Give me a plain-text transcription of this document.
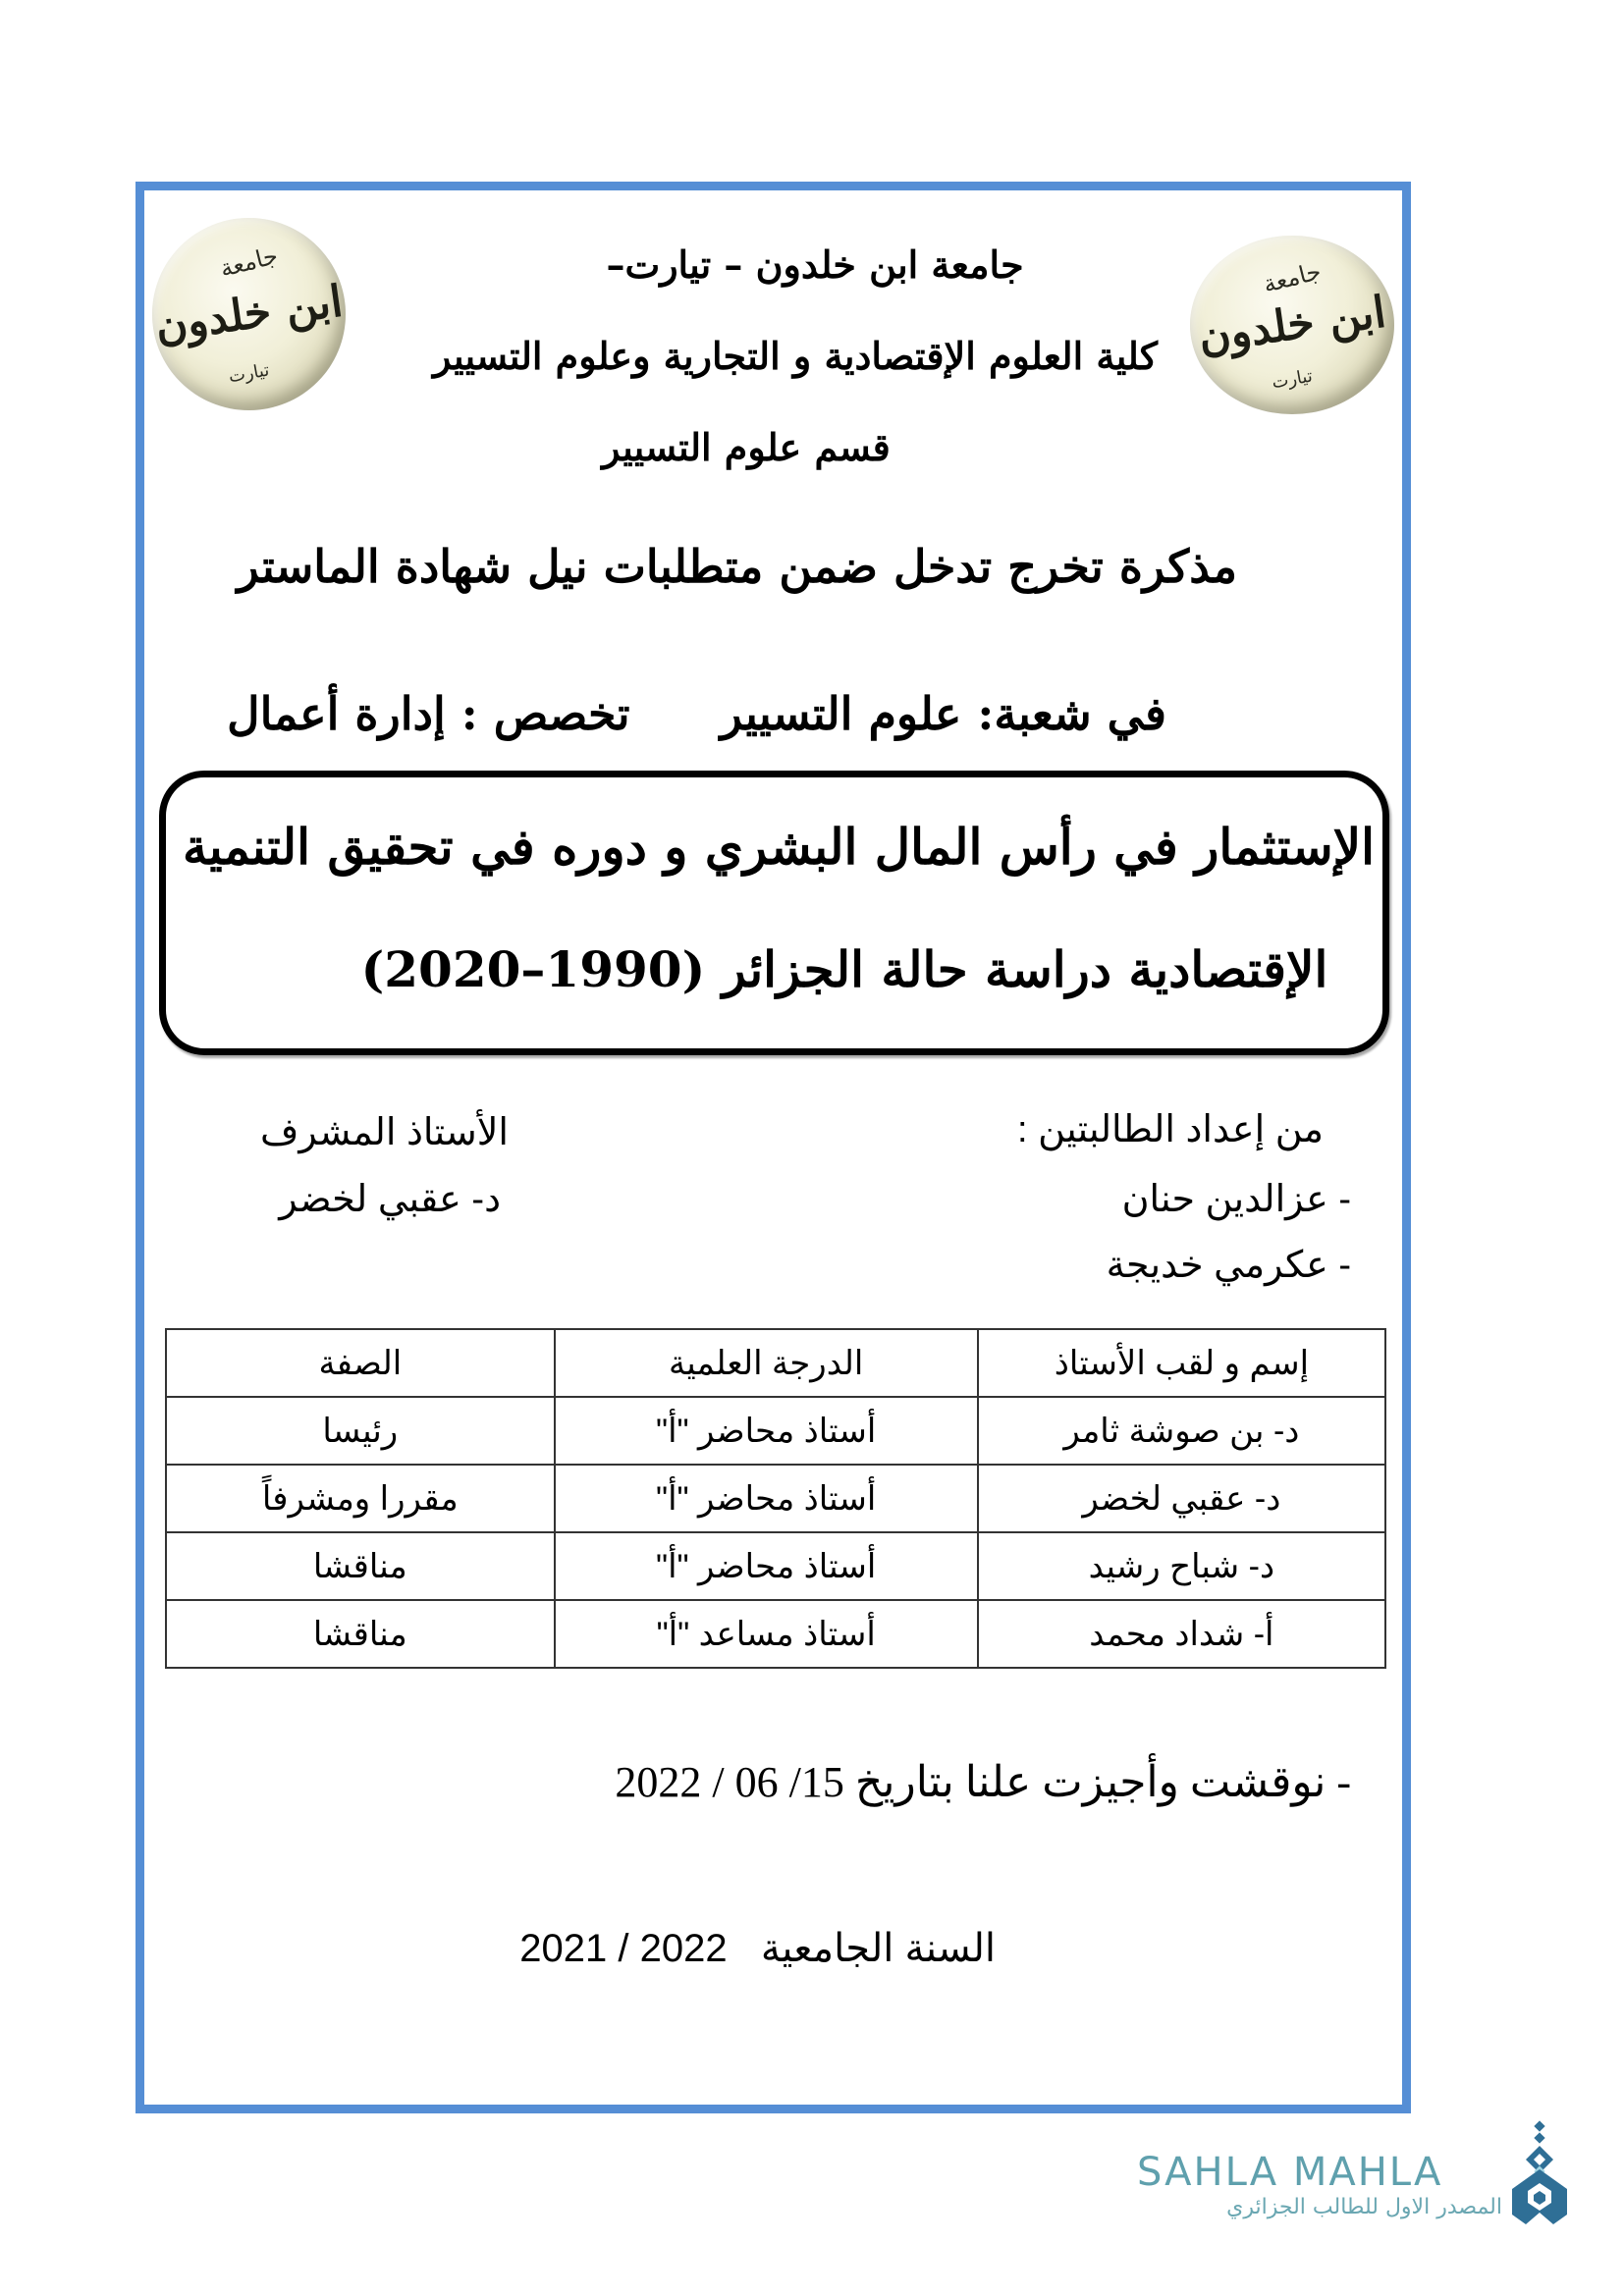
جامعة
ابن خلدون
تيارت
جامعة
ابن خلدون
تيارت
جامعة ابن خلدون – تيارت–
كلية العلوم الإقتصادية و التجارية وعلوم التسيير
قسم علوم التسيير
مذكرة تخرج تدخل ضمن متطلبات نيل شهادة الماستر
في شعبة: علوم التسيير  تخصص : إدارة أعمال
الإستثمار في رأس المال البشري و دوره في تحقيق التنمية
الإقتصادية دراسة حالة الجزائر (1990–2020)
من إعداد الطالبتين :
- عزالدين حنان
- عكرمي خديجة
الأستاذ المشرف
د- عقبي لخضر
إسم و لقب الأستاذ	الدرجة العلمية	الصفة
د- بن صوشة ثامر	أستاذ محاضر "أ"	رئيسا
د- عقبي لخضر	أستاذ محاضر "أ"	مقررا ومشرفاً
د- شباح رشيد	أستاذ محاضر "أ"	مناقشا
أ- شداد محمد	أستاذ مساعد "أ"	مناقشا
- نوقشت وأجيزت علنا بتاريخ 15/ 06 / 2022
السنة الجامعية  2021 / 2022
SAHLA MAHLA
المصدر الاول للطالب الجزائري
